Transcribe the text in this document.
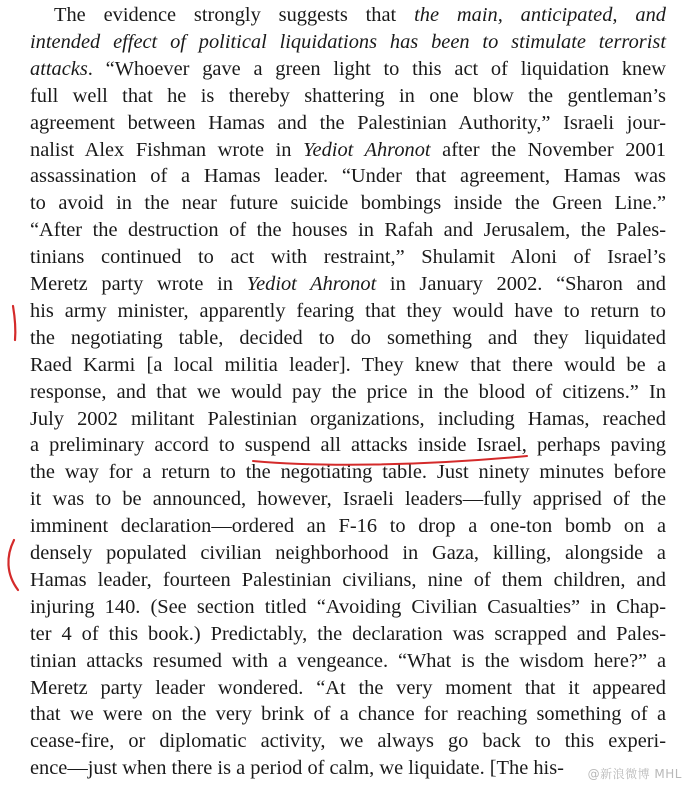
The evidence strongly suggests that the main, anticipated, and
intended effect of political liquidations has been to stimulate terrorist
attacks. “Whoever gave a green light to this act of liquidation knew
full well that he is thereby shattering in one blow the gentleman’s
agreement between Hamas and the Palestinian Authority,” Israeli jour-
nalist Alex Fishman wrote in Yediot Ahronot after the November 2001
assassination of a Hamas leader. “Under that agreement, Hamas was
to avoid in the near future suicide bombings inside the Green Line.”
“After the destruction of the houses in Rafah and Jerusalem, the Pales-
tinians continued to act with restraint,” Shulamit Aloni of Israel’s
Meretz party wrote in Yediot Ahronot in January 2002. “Sharon and
his army minister, apparently fearing that they would have to return to
the negotiating table, decided to do something and they liquidated
Raed Karmi [a local militia leader]. They knew that there would be a
response, and that we would pay the price in the blood of citizens.” In
July 2002 militant Palestinian organizations, including Hamas, reached
a preliminary accord to suspend all attacks inside Israel, perhaps paving
the way for a return to the negotiating table. Just ninety minutes before
it was to be announced, however, Israeli leaders—fully apprised of the
imminent declaration—ordered an F-16 to drop a one-ton bomb on a
densely populated civilian neighborhood in Gaza, killing, alongside a
Hamas leader, fourteen Palestinian civilians, nine of them children, and
injuring 140. (See section titled “Avoiding Civilian Casualties” in Chap-
ter 4 of this book.) Predictably, the declaration was scrapped and Pales-
tinian attacks resumed with a vengeance. “What is the wisdom here?” a
Meretz party leader wondered. “At the very moment that it appeared
that we were on the very brink of a chance for reaching something of a
cease-fire, or diplomatic activity, we always go back to this experi-
ence—just when there is a period of calm, we liquidate. [The his-	@新浪微博 MHL
